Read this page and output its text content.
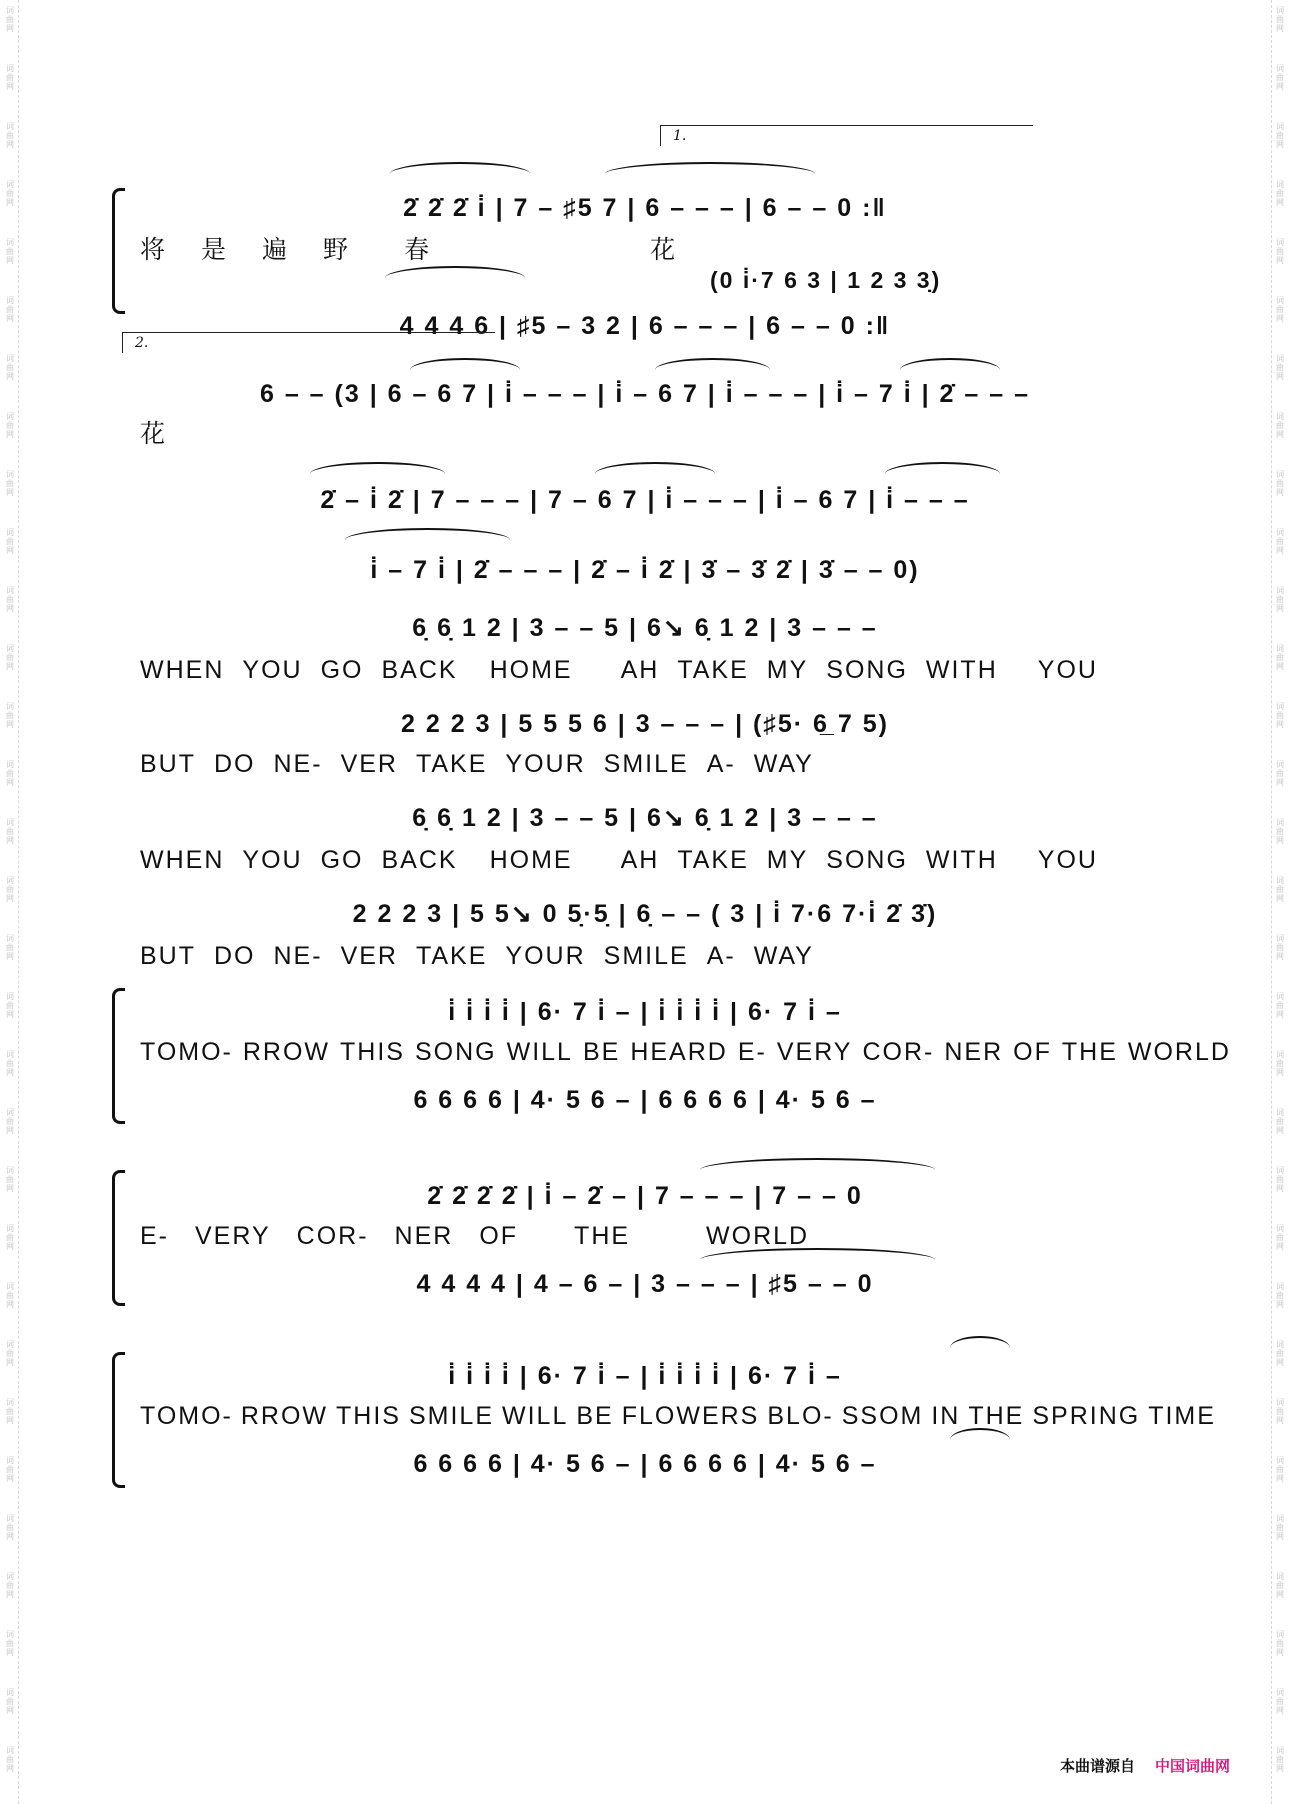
1.
2̇ 2̇ 2̇ i̇ | 7 – ♯5 7 | 6 – – – | 6 – – 0 :‖
将 是 遍 野 春	花
(0 i̇·7 6 3 | 1 2 3 3̣)
4 4 4 6 | ♯5 – 3 2 | 6 – – – | 6 – – 0 :‖
2.
6 – – (3 | 6 – 6 7 | i̇ – – – | i̇ – 6 7 | i̇ – – – | i̇ – 7 i̇ | 2̇ – – –
花
2̇ – i̇ 2̇ | 7 – – – | 7 – 6 7 | i̇ – – – | i̇ – 6 7 | i̇ – – –
i̇ – 7 i̇ | 2̇ – – – | 2̇ – i̇ 2̇ | 3̇ – 3̇ 2̇ | 3̇ – – 0)
6̣ 6̣ 1 2 | 3 – – 5 | 6↘ 6̣ 1 2 | 3 – – –
WHEN YOU GO BACK HOME AH TAKE MY SONG WITH YOU
2 2 2 3 | 5 5 5 6 | 3 – – – | (♯5· 6̲ 7 5)
BUT DO NE- VER TAKE YOUR SMILE A- WAY
6̣ 6̣ 1 2 | 3 – – 5 | 6↘ 6̣ 1 2 | 3 – – –
WHEN YOU GO BACK HOME AH TAKE MY SONG WITH YOU
2 2 2 3 | 5 5↘ 0 5̣·5̣ | 6̣ – – ( 3 | i̇ 7·6 7·i̇ 2̇ 3̇)
BUT DO NE- VER TAKE YOUR SMILE A- WAY
i̇ i̇ i̇ i̇ | 6· 7 i̇ – | i̇ i̇ i̇ i̇ | 6· 7 i̇ –
TOMO- RROW THIS SONG WILL BE HEARD E- VERY COR- NER OF THE WORLD
6 6 6 6 | 4· 5 6 – | 6 6 6 6 | 4· 5 6 –
2̇ 2̇ 2̇ 2̇ | i̇ – 2̇ – | 7 – – – | 7 – – 0
E- VERY COR- NER OF THE	WORLD
4 4 4 4 | 4 – 6 – | 3 – – – | ♯5 – – 0
i̇ i̇ i̇ i̇ | 6· 7 i̇ – | i̇ i̇ i̇ i̇ | 6· 7 i̇ –
TOMO- RROW THIS SMILE WILL BE FLOWERS BLO- SSOM IN THE SPRING TIME
6 6 6 6 | 4· 5 6 – | 6 6 6 6 | 4· 5 6 –
本曲谱源自 中国词曲网
词
曲
网
词
曲
网
词
曲
网
词
曲
网
词
曲
网
词
曲
网
词
曲
网
词
曲
网
词
曲
网
词
曲
网
词
曲
网
词
曲
网
词
曲
网
词
曲
网
词
曲
网
词
曲
网
词
曲
网
词
曲
网
词
曲
网
词
曲
网
词
曲
网
词
曲
网
词
曲
网
词
曲
网
词
曲
网
词
曲
网
词
曲
网
词
曲
网
词
曲
网
词
曲
网
词
曲
网
词
曲
网
词
曲
网
词
曲
网
词
曲
网
词
曲
网
词
曲
网
词
曲
网
词
曲
网
词
曲
网
词
曲
网
词
曲
网
词
曲
网
词
曲
网
词
曲
网
词
曲
网
词
曲
网
词
曲
网
词
曲
网
词
曲
网
词
曲
网
词
曲
网
词
曲
网
词
曲
网
词
曲
网
词
曲
网
词
曲
网
词
曲
网
词
曲
网
词
曲
网
词
曲
网
词
曲
网
